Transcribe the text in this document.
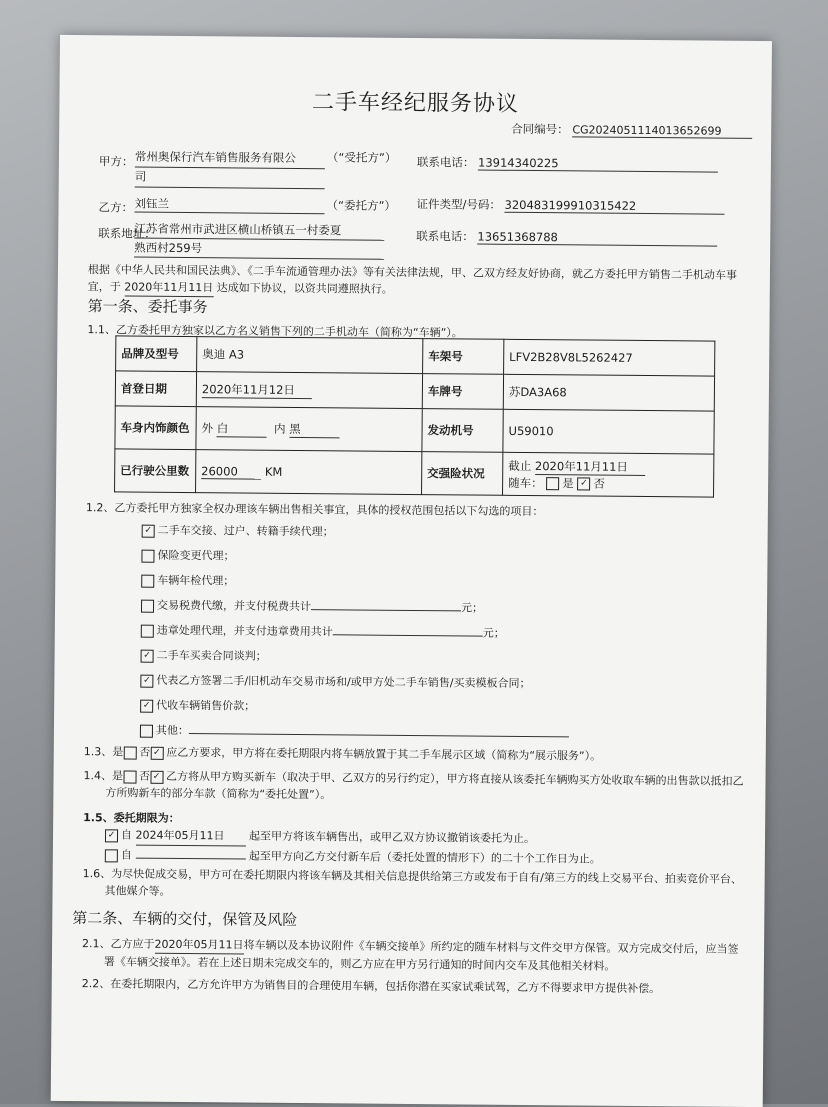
二手车经纪服务协议
合同编号： CG20240511140136526​99
甲方： 常州奥保行汽车销售服务有限公
司
（“受托方”） 联系电话： 13914340225
乙方： 刘钰兰	（“委托方”） 证件类型/号码： 320483199910315422
联系地址：
江苏省常州市武进区横山桥镇五一村委夏
熟西村259号
联系电话： 13651368788
根据《中华人民共和国民法典》、《二手车流通管理办法》等有关法律法规，甲、乙双方经友好协商，就乙方委托甲方销售二手机动车事
宜，于 2020年11月11日 达成如下协议，以资共同遵照执行。
第一条、委托事务
1.1、乙方委托甲方独家以乙方名义销售下列的二手机动车（简称为“车辆”）。
品牌及型号	奥迪 A3	车架号	LFV2B28V8L5262427
首登日期	2020年11月12日	车牌号	苏DA3A68
车身内饰颜色	外 白 内 黑	发动机号	U59010
已行驶公里数	26000 KM	交强险状况	截止 2020年11月11日
随车： 是 ✓ 否
1.2、乙方委托甲方独家全权办理该车辆出售相关事宜，具体的授权范围包括以下勾选的项目：
✓ 二手车交接、过户、转籍手续代理；
保险变更代理；
车辆年检代理；
交易税费代缴，并支付税费共计	元；
违章处理代理，并支付违章费用共计	元；
✓ 二手车买卖合同谈判；
✓ 代表乙方签署二手/旧机动车交易市场和/或甲方处二手车销售/买卖模板合同；
✓ 代收车辆销售价款；
其他：
1.3、是 否 ✓ 应乙方要求，甲方将在委托期限内将车辆放置于其二手车展示区域（简称为“展示服务”）。
1.4、是 否 ✓ 乙方将从甲方购买新车（取决于甲、乙双方的另行约定），甲方将直接从该委托车辆购买方处收取车辆的出售款以抵扣乙
方所购新车的部分车款（简称为“委托处置”）。
1.5、委托期限为：
✓ 自 2024年05月11日 起至甲方将该车辆售出，或甲乙双方协议撤销该委托为止。
自	起至甲方向乙方交付新车后（委托处置的情形下）的二十个工作日为止。
1.6、为尽快促成交易，甲方可在委托期限内将该车辆及其相关信息提供给第三方或发布于自有/第三方的线上交易平台、拍卖竞价平台、
其他媒介等。
第二条、车辆的交付，保管及风险
2.1、乙方应于2020年05月11日将车辆以及本协议附件《车辆交接单》所约定的随车材料与文件交甲方保管。双方完成交付后，应当签
署《车辆交接单》。若在上述日期未完成交车的，则乙方应在甲方另行通知的时间内交车及其他相关材料。
2.2、在委托期限内，乙方允许甲方为销售目的合理使用车辆，包括你潜在买家试乘试驾，乙方不得要求甲方提供补偿。
